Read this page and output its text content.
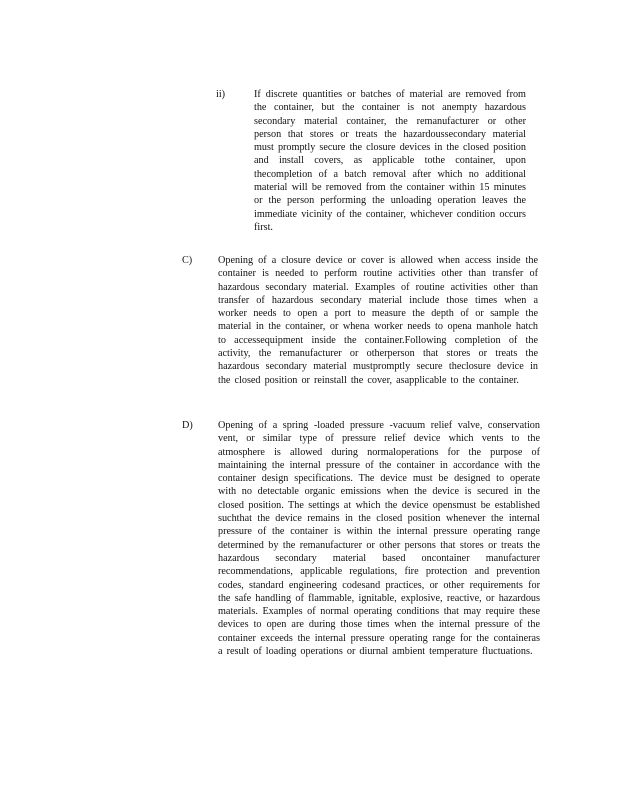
ii)	If discrete quantities or batches of material are removed from the container, but the container is not anempty hazardous secondary material container, the remanufacturer or other person that stores or treats the hazardoussecondary material must promptly secure the closure devices in the closed position and install covers, as applicable tothe container, upon thecompletion of a batch removal after which no additional material will be removed from the container within 15 minutes or the person performing the unloading operation leaves the immediate vicinity of the container, whichever condition occurs first.
C)	Opening of a closure device or cover is allowed when access inside the container is needed to perform routine activities other than transfer of hazardous secondary material. Examples of routine activities other than transfer of hazardous secondary material include those times when a worker needs to open a port to measure the depth of or sample the material in the container, or whena worker needs to opena manhole hatch to accessequipment inside the container.Following completion of the activity, the remanufacturer or otherperson that stores or treats the hazardous secondary material mustpromptly secure theclosure device in the closed position or reinstall the cover, asapplicable to the container.
D) Opening of a spring -loaded pressure -vacuum relief valve, conservation vent, or similar type of pressure relief device which vents to the atmosphere is allowed during normaloperations for the purpose of maintaining the internal pressure of the container in accordance with the container design specifications. The device must be designed to operate with no detectable organic emissions when the device is secured in the closed position. The settings at which the device opensmust be established suchthat the device remains in the closed position whenever the internal pressure of the container is within the internal pressure operating range determined by the remanufacturer or other persons that stores or treats the hazardous secondary material based oncontainer manufacturer recommendations, applicable regulations, fire protection and prevention codes, standard engineering codesand practices, or other requirements for the safe handling of flammable, ignitable, explosive, reactive, or hazardous materials. Examples of normal operating conditions that may require these devices to open are during those times when the internal pressure of the container exceeds the internal pressure operating range for the containeras a result of loading operations or diurnal ambient temperature fluctuations.
